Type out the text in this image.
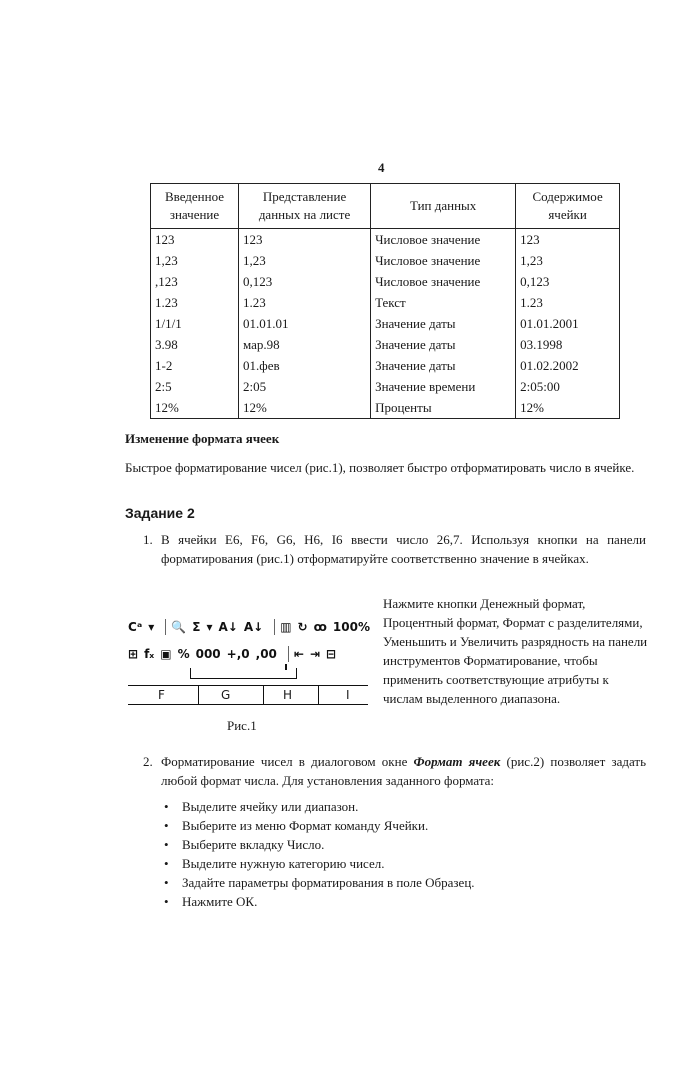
4
Введенное значение	Представление данных на листе	Тип данных	Содержимое ячейки
123	123	Числовое значение	123
1,23	1,23	Числовое значение	1,23
,123	0,123	Числовое значение	0,123
1.23	1.23	Текст	1.23
1/1/1	01.01.01	Значение даты	01.01.2001
3.98	мар.98	Значение даты	03.1998
1-2	01.фев	Значение даты	01.02.2002
2:5	2:05	Значение времени	2:05:00
12%	12%	Проценты	12%
Изменение формата ячеек
Быстрое форматирование чисел (рис.1), позволяет быстро отформатировать число в ячейке.
Задание 2
1. В ячейки E6, F6, G6, H6, I6 ввести число 26,7. Используя кнопки на панели форматирования (рис.1) отформатируйте соответственно значение в ячейках.
Cᵃ ▾ 🔍 Σ ▾ A↓ A↓ ▥ ↻ ꝏ 100%
⊞ fₓ ▣ % 000 +,0 ,00 ⇤ ⇥ ⊟
F	G	H	I
Рис.1
Нажмите кнопки Денежный формат, Процентный формат, Формат с разделителями, Уменьшить и Увеличить разрядность на панели инструментов Форматирование, чтобы применить соответствующие атрибуты к числам выделенного диапазона.
2. Форматирование чисел в диалоговом окне Формат ячеек (рис.2) позволяет задать любой формат числа. Для установления заданного формата:
• Выделите ячейку или диапазон.
• Выберите из меню Формат команду Ячейки.
• Выберите вкладку Число.
• Выделите нужную категорию чисел.
• Задайте параметры форматирования в поле Образец.
• Нажмите ОК.
